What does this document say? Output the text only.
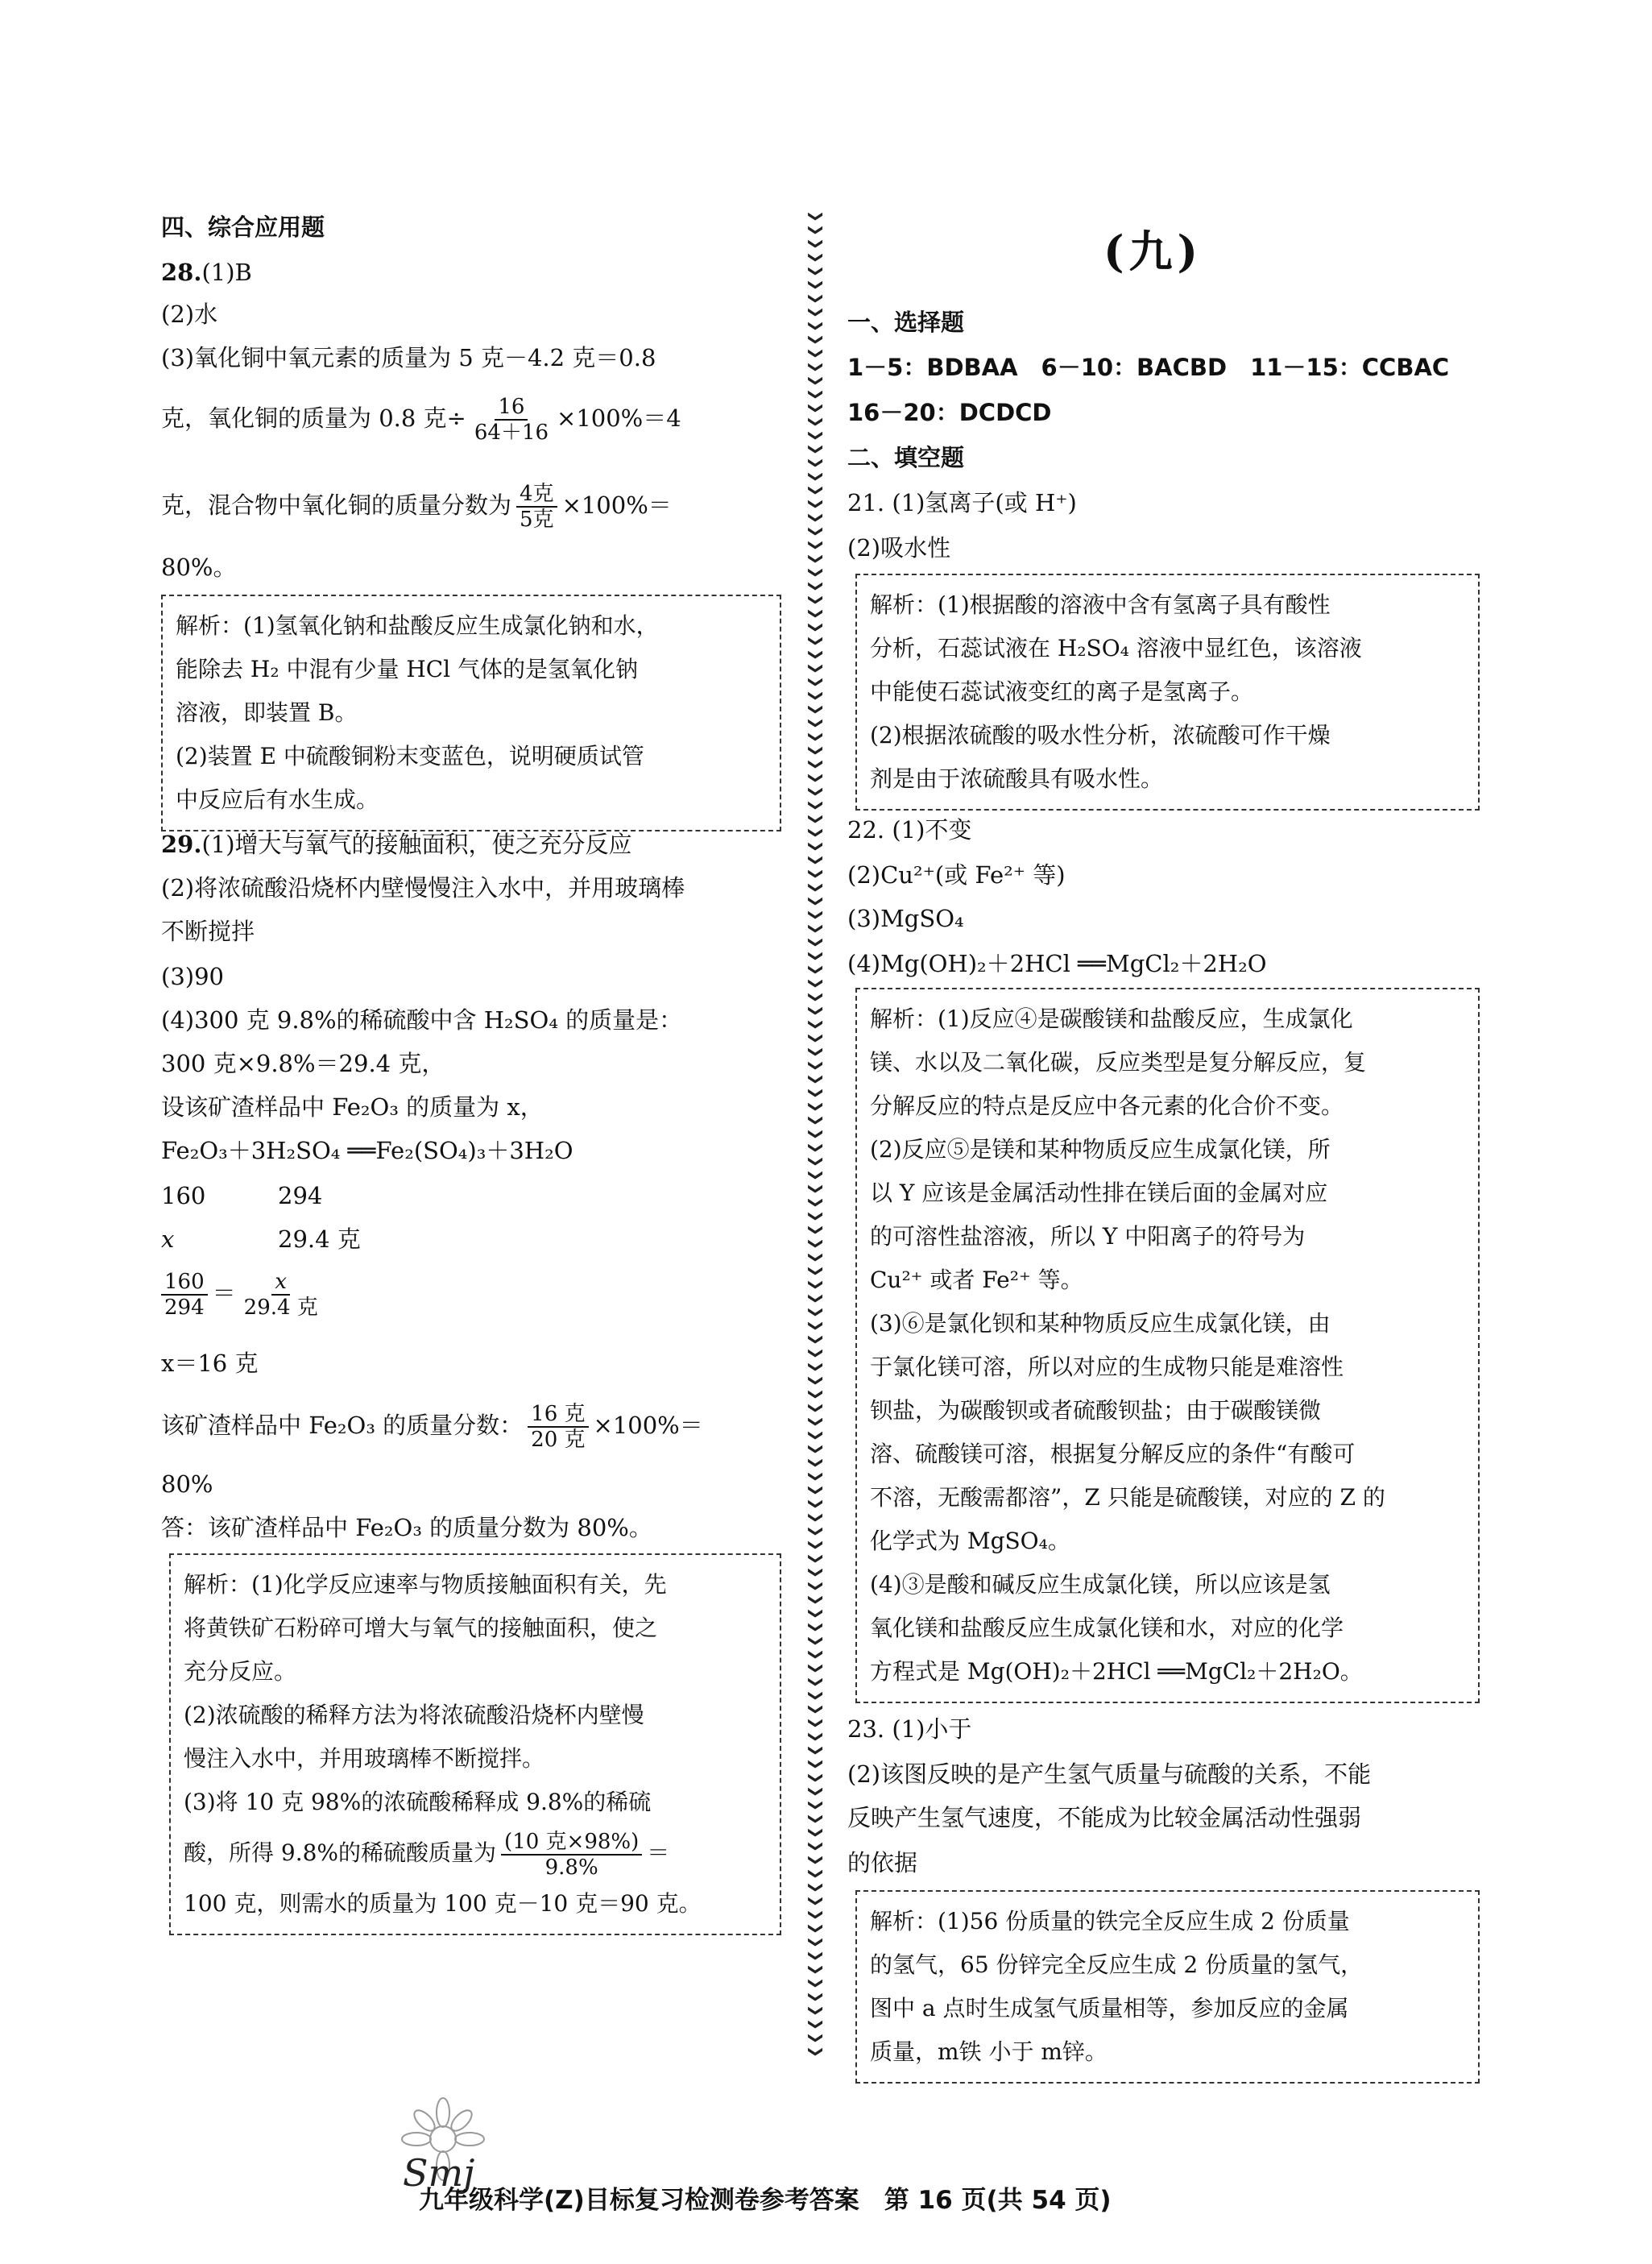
四、综合应用题
28.(1)B
(2)水
(3)氧化铜中氧元素的质量为 5 克－4.2 克＝0.8
克，氧化铜的质量为 0.8 克÷ $\frac{16}{64+16} \times 100\%=4$
克，混合物中氧化铜的质量分数为 $\frac{\text{4克}}{\text{5克}} \times 100\%=$
80%。
解析：(1)氢氧化钠和盐酸反应生成氯化钠和水，
能除去 H₂ 中混有少量 HCl 气体的是氢氧化钠
溶液，即装置 B。
(2)装置 E 中硫酸铜粉末变蓝色，说明硬质试管
中反应后有水生成。
29.(1)增大与氧气的接触面积，使之充分反应
(2)将浓硫酸沿烧杯内壁慢慢注入水中，并用玻璃棒
不断搅拌
(3)90
(4)300 克 9.8%的稀硫酸中含 H₂SO₄ 的质量是：
300 克×9.8%＝29.4 克，
设该矿渣样品中 Fe₂O₃ 的质量为 x，
Fe₂O₃＋3H₂SO₄ ══Fe₂(SO₄)₃＋3H₂O
160	294
x	29.4 克
$\frac{160}{294} = \frac{x}{\text{29.4 克}}$
x＝16 克
该矿渣样品中 Fe₂O₃ 的质量分数： $\frac{\text{16 克}}{\text{20 克}} \times 100\%=$
80%
答：该矿渣样品中 Fe₂O₃ 的质量分数为 80%。
解析：(1)化学反应速率与物质接触面积有关，先
将黄铁矿石粉碎可增大与氧气的接触面积，使之
充分反应。
(2)浓硫酸的稀释方法为将浓硫酸沿烧杯内壁慢
慢注入水中，并用玻璃棒不断搅拌。
(3)将 10 克 98%的浓硫酸稀释成 9.8%的稀硫
酸，所得 9.8%的稀硫酸质量为 $\frac{\text{(10 克×98\%)}}{9.8\%}$ ＝
100 克，则需水的质量为 100 克－10 克＝90 克。
❯
❯
❯
❯
❯
❯
❯
❯
❯
❯
❯
❯
❯
❯
❯
❯
❯
❯
❯
❯
❯
❯
❯
❯
❯
❯
❯
❯
❯
❯
❯
❯
❯
❯
❯
❯
❯
❯
❯
❯
❯
❯
❯
❯
❯
❯
❯
❯
❯
❯
❯
❯
❯
❯
❯
❯
❯
❯
❯
❯
❯
❯
❯
❯
❯
❯
❯
❯
❯
❯
❯
❯
❯
❯
❯
❯
❯
❯
❯
❯
❯
❯
❯
❯
❯
❯
❯
❯
❯
❯
❯
❯
❯
❯
❯
❯
❯
❯
❯
❯
❯
❯
❯
❯
❯
❯
❯
❯
❯
❯
❯
❯
❯
❯
❯
❯
❯
❯
❯
❯
❯
❯
❯
❯
❯
❯
❯
❯
❯
❯
❯
❯
❯
❯
❯
(九)
一、选择题
1－5：BDBAA　6－10：BACBD　11－15：CCBAC
16－20：DCDCD
二、填空题
21. (1)氢离子(或 H⁺)
(2)吸水性
解析：(1)根据酸的溶液中含有氢离子具有酸性
分析，石蕊试液在 H₂SO₄ 溶液中显红色，该溶液
中能使石蕊试液变红的离子是氢离子。
(2)根据浓硫酸的吸水性分析，浓硫酸可作干燥
剂是由于浓硫酸具有吸水性。
22. (1)不变
(2)Cu²⁺(或 Fe²⁺ 等)
(3)MgSO₄
(4)Mg(OH)₂＋2HCl ══MgCl₂＋2H₂O
解析：(1)反应④是碳酸镁和盐酸反应，生成氯化
镁、水以及二氧化碳，反应类型是复分解反应，复
分解反应的特点是反应中各元素的化合价不变。
(2)反应⑤是镁和某种物质反应生成氯化镁，所
以 Y 应该是金属活动性排在镁后面的金属对应
的可溶性盐溶液，所以 Y 中阳离子的符号为
Cu²⁺ 或者 Fe²⁺ 等。
(3)⑥是氯化钡和某种物质反应生成氯化镁，由
于氯化镁可溶，所以对应的生成物只能是难溶性
钡盐，为碳酸钡或者硫酸钡盐；由于碳酸镁微
溶、硫酸镁可溶，根据复分解反应的条件“有酸可
不溶，无酸需都溶”，Z 只能是硫酸镁，对应的 Z 的
化学式为 MgSO₄。
(4)③是酸和碱反应生成氯化镁，所以应该是氢
氧化镁和盐酸反应生成氯化镁和水，对应的化学
方程式是 Mg(OH)₂＋2HCl ══MgCl₂＋2H₂O。
23. (1)小于
(2)该图反映的是产生氢气质量与硫酸的关系，不能
反映产生氢气速度，不能成为比较金属活动性强弱
的依据
解析：(1)56 份质量的铁完全反应生成 2 份质量
的氢气，65 份锌完全反应生成 2 份质量的氢气，
图中 a 点时生成氢气质量相等，参加反应的金属
质量，m铁 小于 m锌。
Smj
九年级科学(Z)目标复习检测卷参考答案　第 16 页(共 54 页)
